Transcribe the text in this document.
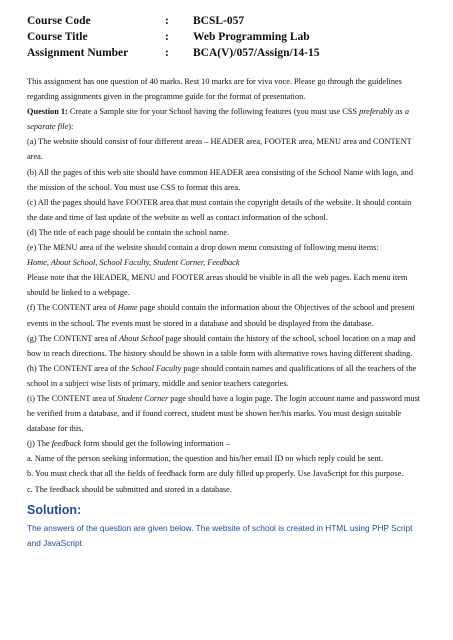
Course Code	:	BCSL-057
Course Title	:	Web Programming Lab
Assignment Number	:	BCA(V)/057/Assign/14-15

This assignment has one question of 40 marks. Rest 10 marks are for viva voce. Please go through the guidelines regarding assignments given in the programme guide for the format of presentation.

Question 1: Create a Sample site for your School having the following features (you must use CSS preferably as a separate file):

(a) The website should consist of four different areas – HEADER area, FOOTER area, MENU area and CONTENT area.

(b) All the pages of this web site should have common HEADER area consisting of the School Name with logo, and the mission of the school. You must use CSS to format this area.

(c) All the pages should have FOOTER area that must contain the copyright details of the website. It should contain the date and time of last update of the website as well as contact information of the school.

(d) The title of each page should be contain the school name.

(e) The MENU area of the website should contain a drop down menu consisting of following menu items:

Home, About School, School Faculty, Student Corner, Feedback

Please note that the HEADER, MENU and FOOTER areas should be visible in all the web pages. Each menu item should be linked to a webpage.

(f) The CONTENT area of Home page should contain the information about the Objectives of the school and present events in the school. The events must be stored in a database and should be displayed from the database.

(g) The CONTENT area of About School page should contain the history of the school, school location on a map and how to reach directions. The history should be shown in a table form with alternative rows having different shading.

(h) The CONTENT area of the School Faculty page should contain names and qualifications of all the teachers of the school in a subject wise lists of primary, middle and senior teachers categories.

(i) The CONTENT area of Student Corner page should have a login page. The login account name and password must be verified from a database, and if found correct, student must be shown her/his marks. You must design suitable database for this.

(j) The feedback form should get the following information –

a. Name of the person seeking information, the question and his/her email ID on which reply could be sent.

b. You must check that all the fields of feedback form are duly filled up properly. Use JavaScript for this purpose.

c. The feedback should be submitted and stored in a database.

Solution:
The answers of the question are given below. The website of school is created in HTML using PHP Script and JavaScript.
